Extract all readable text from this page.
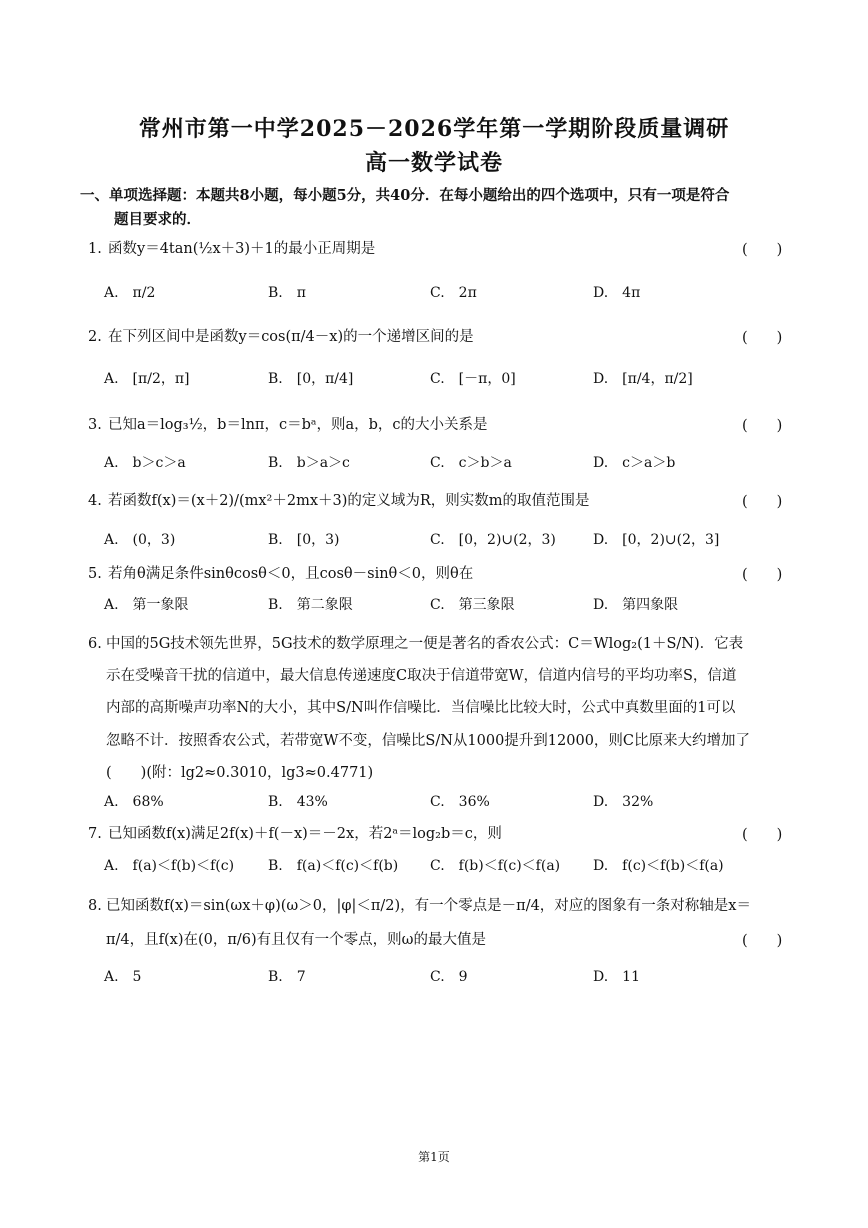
常州市第一中学2025－2026学年第一学期阶段质量调研
高一数学试卷
一、单项选择题：本题共8小题，每小题5分，共40分．在每小题给出的四个选项中，只有一项是符合
题目要求的．
1. 函数y＝4tan(½x＋3)＋1的最小正周期是	(　　)
A.　π/2	B.　π	C.　2π	D.　4π
2. 在下列区间中是函数y＝cos(π/4－x)的一个递增区间的是	(　　)
A.　[π/2，π]	B.　[0，π/4]	C.　[－π，0]	D.　[π/4，π/2]
3. 已知a＝log₃½，b＝lnπ，c＝bᵃ，则a，b，c的大小关系是	(　　)
A.　b＞c＞a	B.　b＞a＞c	C.　c＞b＞a	D.　c＞a＞b
4. 若函数f(x)＝(x＋2)/(mx²＋2mx＋3)的定义域为R，则实数m的取值范围是	(　　)
A.　(0，3)	B.　[0，3)	C.　[0，2)∪(2，3)	D.　[0，2)∪(2，3]
5. 若角θ满足条件sinθcosθ＜0，且cosθ－sinθ＜0，则θ在	(　　)
A.　第一象限	B.　第二象限	C.　第三象限	D.　第四象限
6. 中国的5G技术领先世界，5G技术的数学原理之一便是著名的香农公式：C＝Wlog₂(1＋S/N)．它表
示在受噪音干扰的信道中，最大信息传递速度C取决于信道带宽W，信道内信号的平均功率S，信道
内部的高斯噪声功率N的大小，其中S/N叫作信噪比．当信噪比比较大时，公式中真数里面的1可以
忽略不计．按照香农公式，若带宽W不变，信噪比S/N从1000提升到12000，则C比原来大约增加了
(　　)(附：lg2≈0.3010，lg3≈0.4771)
A.　68%	B.　43%	C.　36%	D.　32%
7. 已知函数f(x)满足2f(x)＋f(－x)＝－2x，若2ᵃ＝log₂b＝c，则	(　　)
A.　f(a)＜f(b)＜f(c) B.　f(a)＜f(c)＜f(b) C.　f(b)＜f(c)＜f(a) D.　f(c)＜f(b)＜f(a)
8. 已知函数f(x)＝sin(ωx＋φ)(ω＞0，|φ|＜π/2)，有一个零点是－π/4，对应的图象有一条对称轴是x＝
π/4，且f(x)在(0，π/6)有且仅有一个零点，则ω的最大值是	(　　)
A.　5	B.　7	C.　9	D.　11
第1页
